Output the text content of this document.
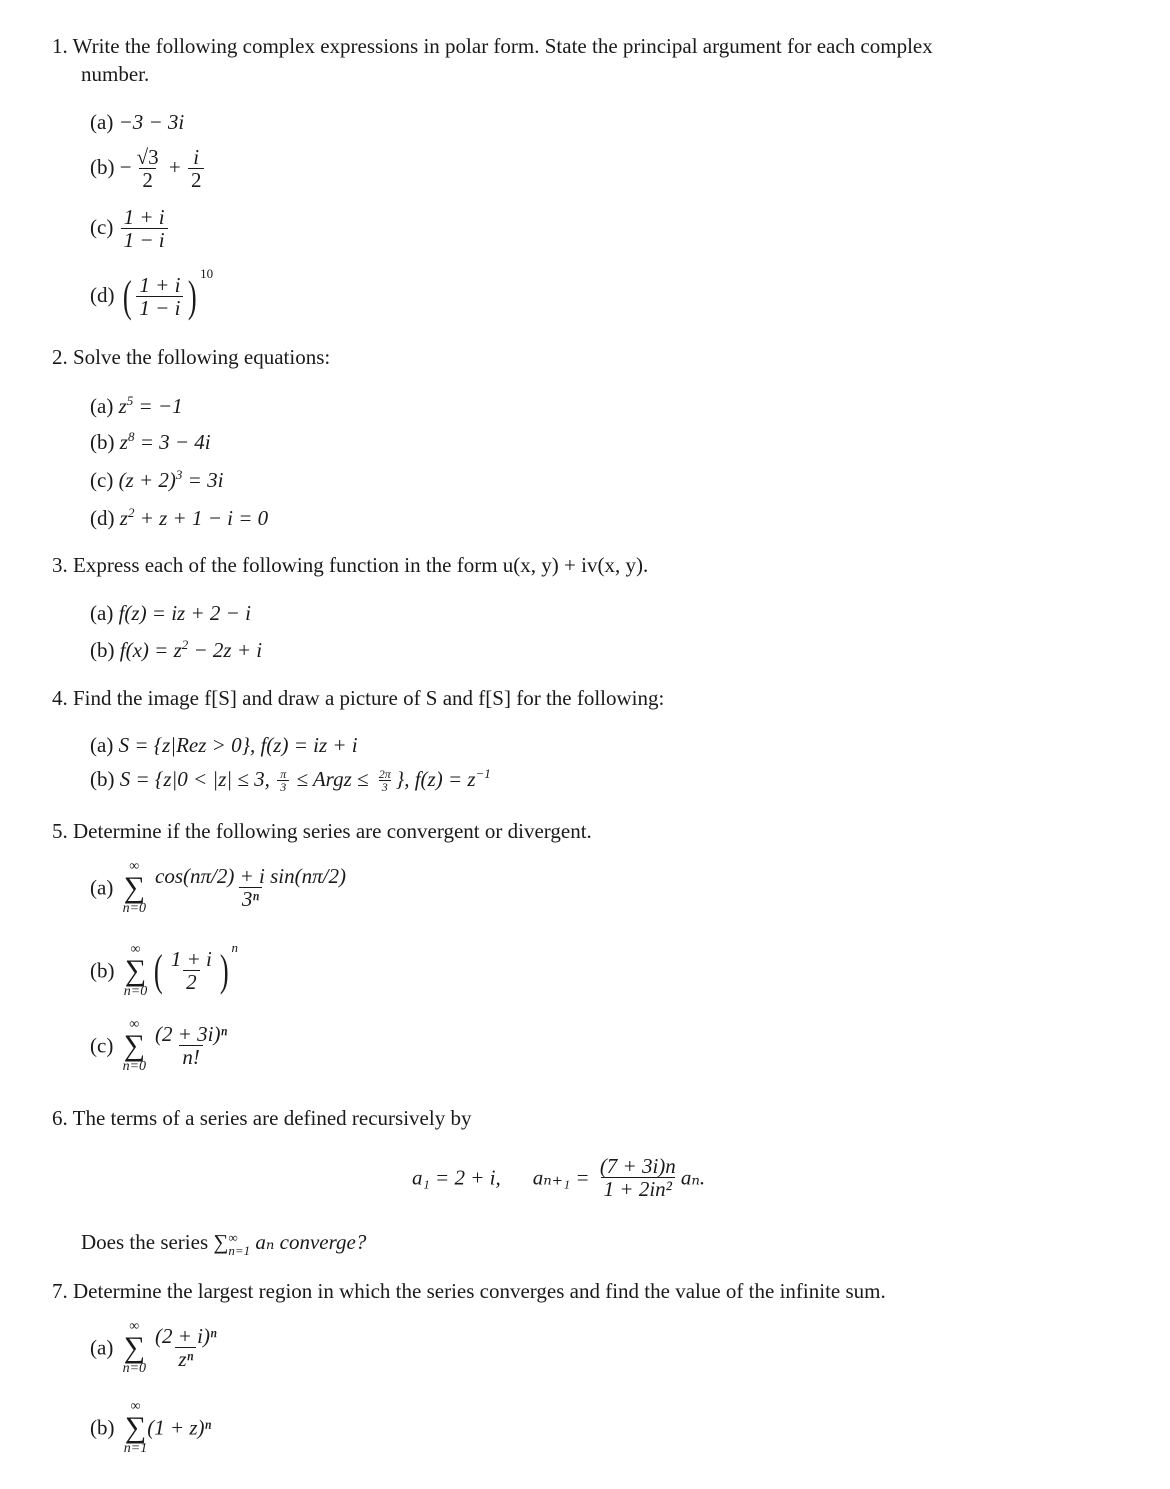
1. Write the following complex expressions in polar form. State the principal argument for each complex
number.
(a) −3 − 3i
$(b) - \frac{√3}{2} + \frac{i}{2}$
$(c) \frac{1 + i}{1 - i}$
(d) ( $\frac{1 + i}{1 - i}$ ) $^{10}$
2. Solve the following equations:
(a) $z^5 = -1$
(b) $z^8 = 3 - 4i$
(c) $(z + 2)^3 = 3i$
(d) $z^2 + z + 1 - i = 0$
3. Express each of the following function in the form u(x, y) + iv(x, y).
(a) f(z) = iz + 2 − i
(b) $f(x) = z^2 - 2z + i$
4. Find the image f[S] and draw a picture of S and f[S] for the following:
(a) S = {z|Rez > 0}, f(z) = iz + i
(b) S = {z|0 < |z| ≤ 3, $\frac{\pi}{3}$ ≤ Argz ≤ $\frac{2\pi}{3}$ }, $f(z) = z^{-1}$
5. Determine if the following series are convergent or divergent.
(a)
∞
∑
$n=0 \frac{\text{cos(nπ/2) + i sin(nπ/2)}}{\text{3ⁿ}}$
(b)
∞
∑
n=0 ( $\frac{1 + i}{2}$ ) $^n$
(c)
∞
∑
$n=0 \frac{\text{(2 + 3i)ⁿ}}{n!}$
6. The terms of a series are defined recursively by
a₁ = 2 + i, $a_{n+1} = \frac{(7 + 3i)n}{\text{1 + 2in²}} a_n$.
Does the series ∑ ∞
n=1 aₙ converge?
7. Determine the largest region in which the series converges and find the value of the infinite sum.
(a)
∞
∑
$n=0 \frac{\text{(2 + i)ⁿ}}{\text{zⁿ}}$
(b)
∞
∑
n=1
(1 + z)ⁿ
